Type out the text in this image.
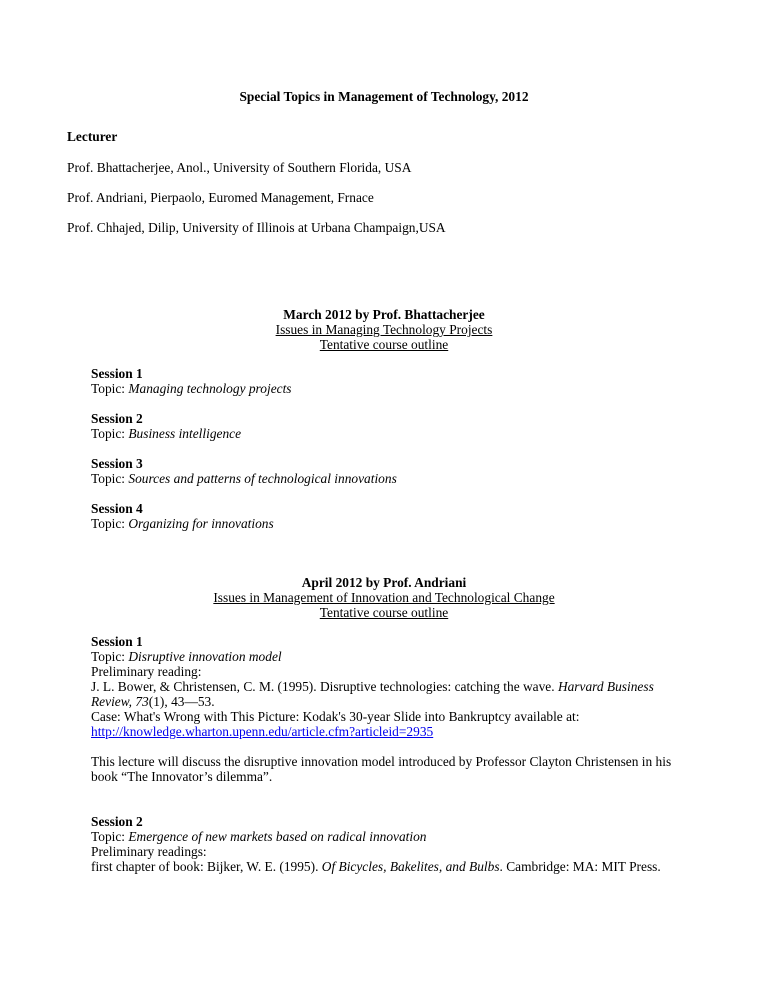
Special Topics in Management of Technology, 2012
Lecturer
Prof. Bhattacherjee, Anol., University of Southern Florida, USA
Prof. Andriani, Pierpaolo, Euromed Management, Frnace
Prof. Chhajed, Dilip, University of Illinois at Urbana Champaign,USA
March 2012 by Prof. Bhattacherjee
Issues in Managing Technology Projects
Tentative course outline
Session 1
Topic: Managing technology projects
Session 2
Topic: Business intelligence
Session 3
Topic: Sources and patterns of technological innovations
Session 4
Topic: Organizing for innovations
April 2012 by Prof. Andriani
Issues in Management of Innovation and Technological Change
Tentative course outline

Session 1

Topic: Disruptive innovation model

Preliminary reading:

J. L. Bower, & Christensen, C. M. (1995). Disruptive technologies: catching the wave. Harvard Business Review, 73(1), 43—53.

Case: What's Wrong with This Picture: Kodak's 30-year Slide into Bankruptcy available at:

http://knowledge.wharton.upenn.edu/article.cfm?articleid=2935

This lecture will discuss the disruptive innovation model introduced by Professor Clayton Christensen in his book “The Innovator’s dilemma”.

Session 2

Topic: Emergence of new markets based on radical innovation

Preliminary readings:

first chapter of book: Bijker, W. E. (1995). Of Bicycles, Bakelites, and Bulbs. Cambridge: MA: MIT Press.
